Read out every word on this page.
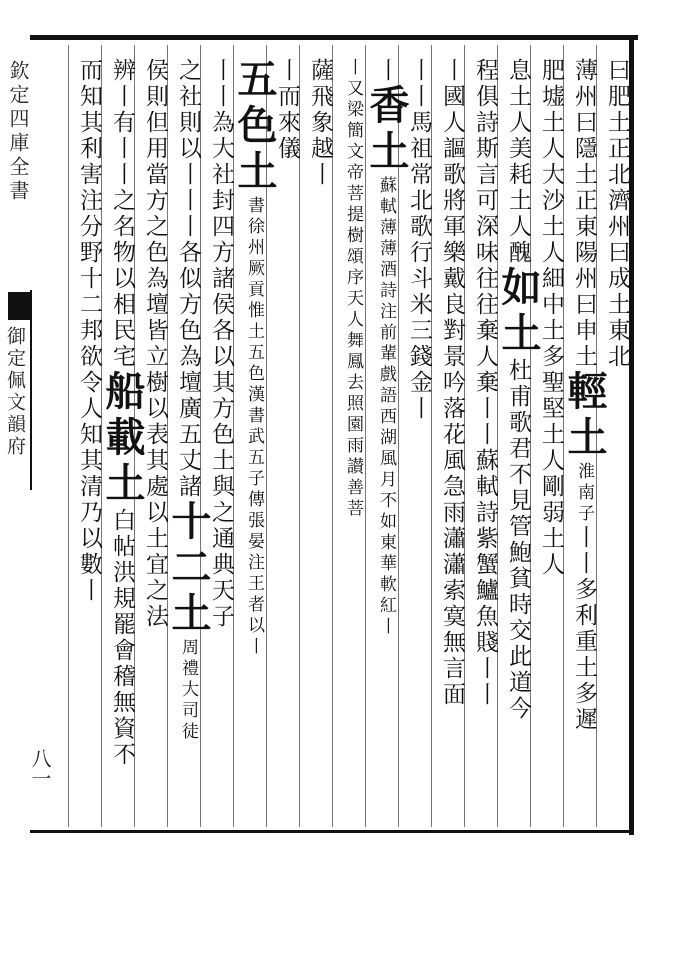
欽定四庫全書
御定佩文韻府
八一
曰肥土正北濟州曰成土東北
薄州曰隱土正東陽州曰申土輕土淮南子丨丨多利重土多遲
肥墟土人大沙土人細中土多聖堅土人剛弱土人
息土人美耗土人醜如土杜甫歌君不見管鮑貧時交此道今
程俱詩斯言可深味往往棄人棄丨丨蘇軾詩紫蟹鱸魚賤丨丨
丨國人謳歌將軍樂戴良對景吟落花風急雨瀟瀟索寞無言面
丨丨馬祖常北歌行斗米三錢金丨
丨香土蘇軾薄薄酒詩注前輩戲語西湖風月不如東華軟紅丨
丨又梁簡文帝菩提樹頌序天人舞鳳去照園雨讃善菩
薩飛象越丨
丨而來儀
五色土書徐州厥貢惟土五色漢書武五子傳張晏注王者以丨
丨丨為大社封四方諸侯各以其方色土與之通典天子
之社則以丨丨丨各似方色為壇廣五丈諸十二土周禮大司徒
侯則但用當方之色為壇皆立樹以表其處以土宜之法
辨丨有丨丨之名物以相民宅船載土白帖洪規罷會稽無資不
而知其利害注分野十二邦欲令人知其清乃以數丨
